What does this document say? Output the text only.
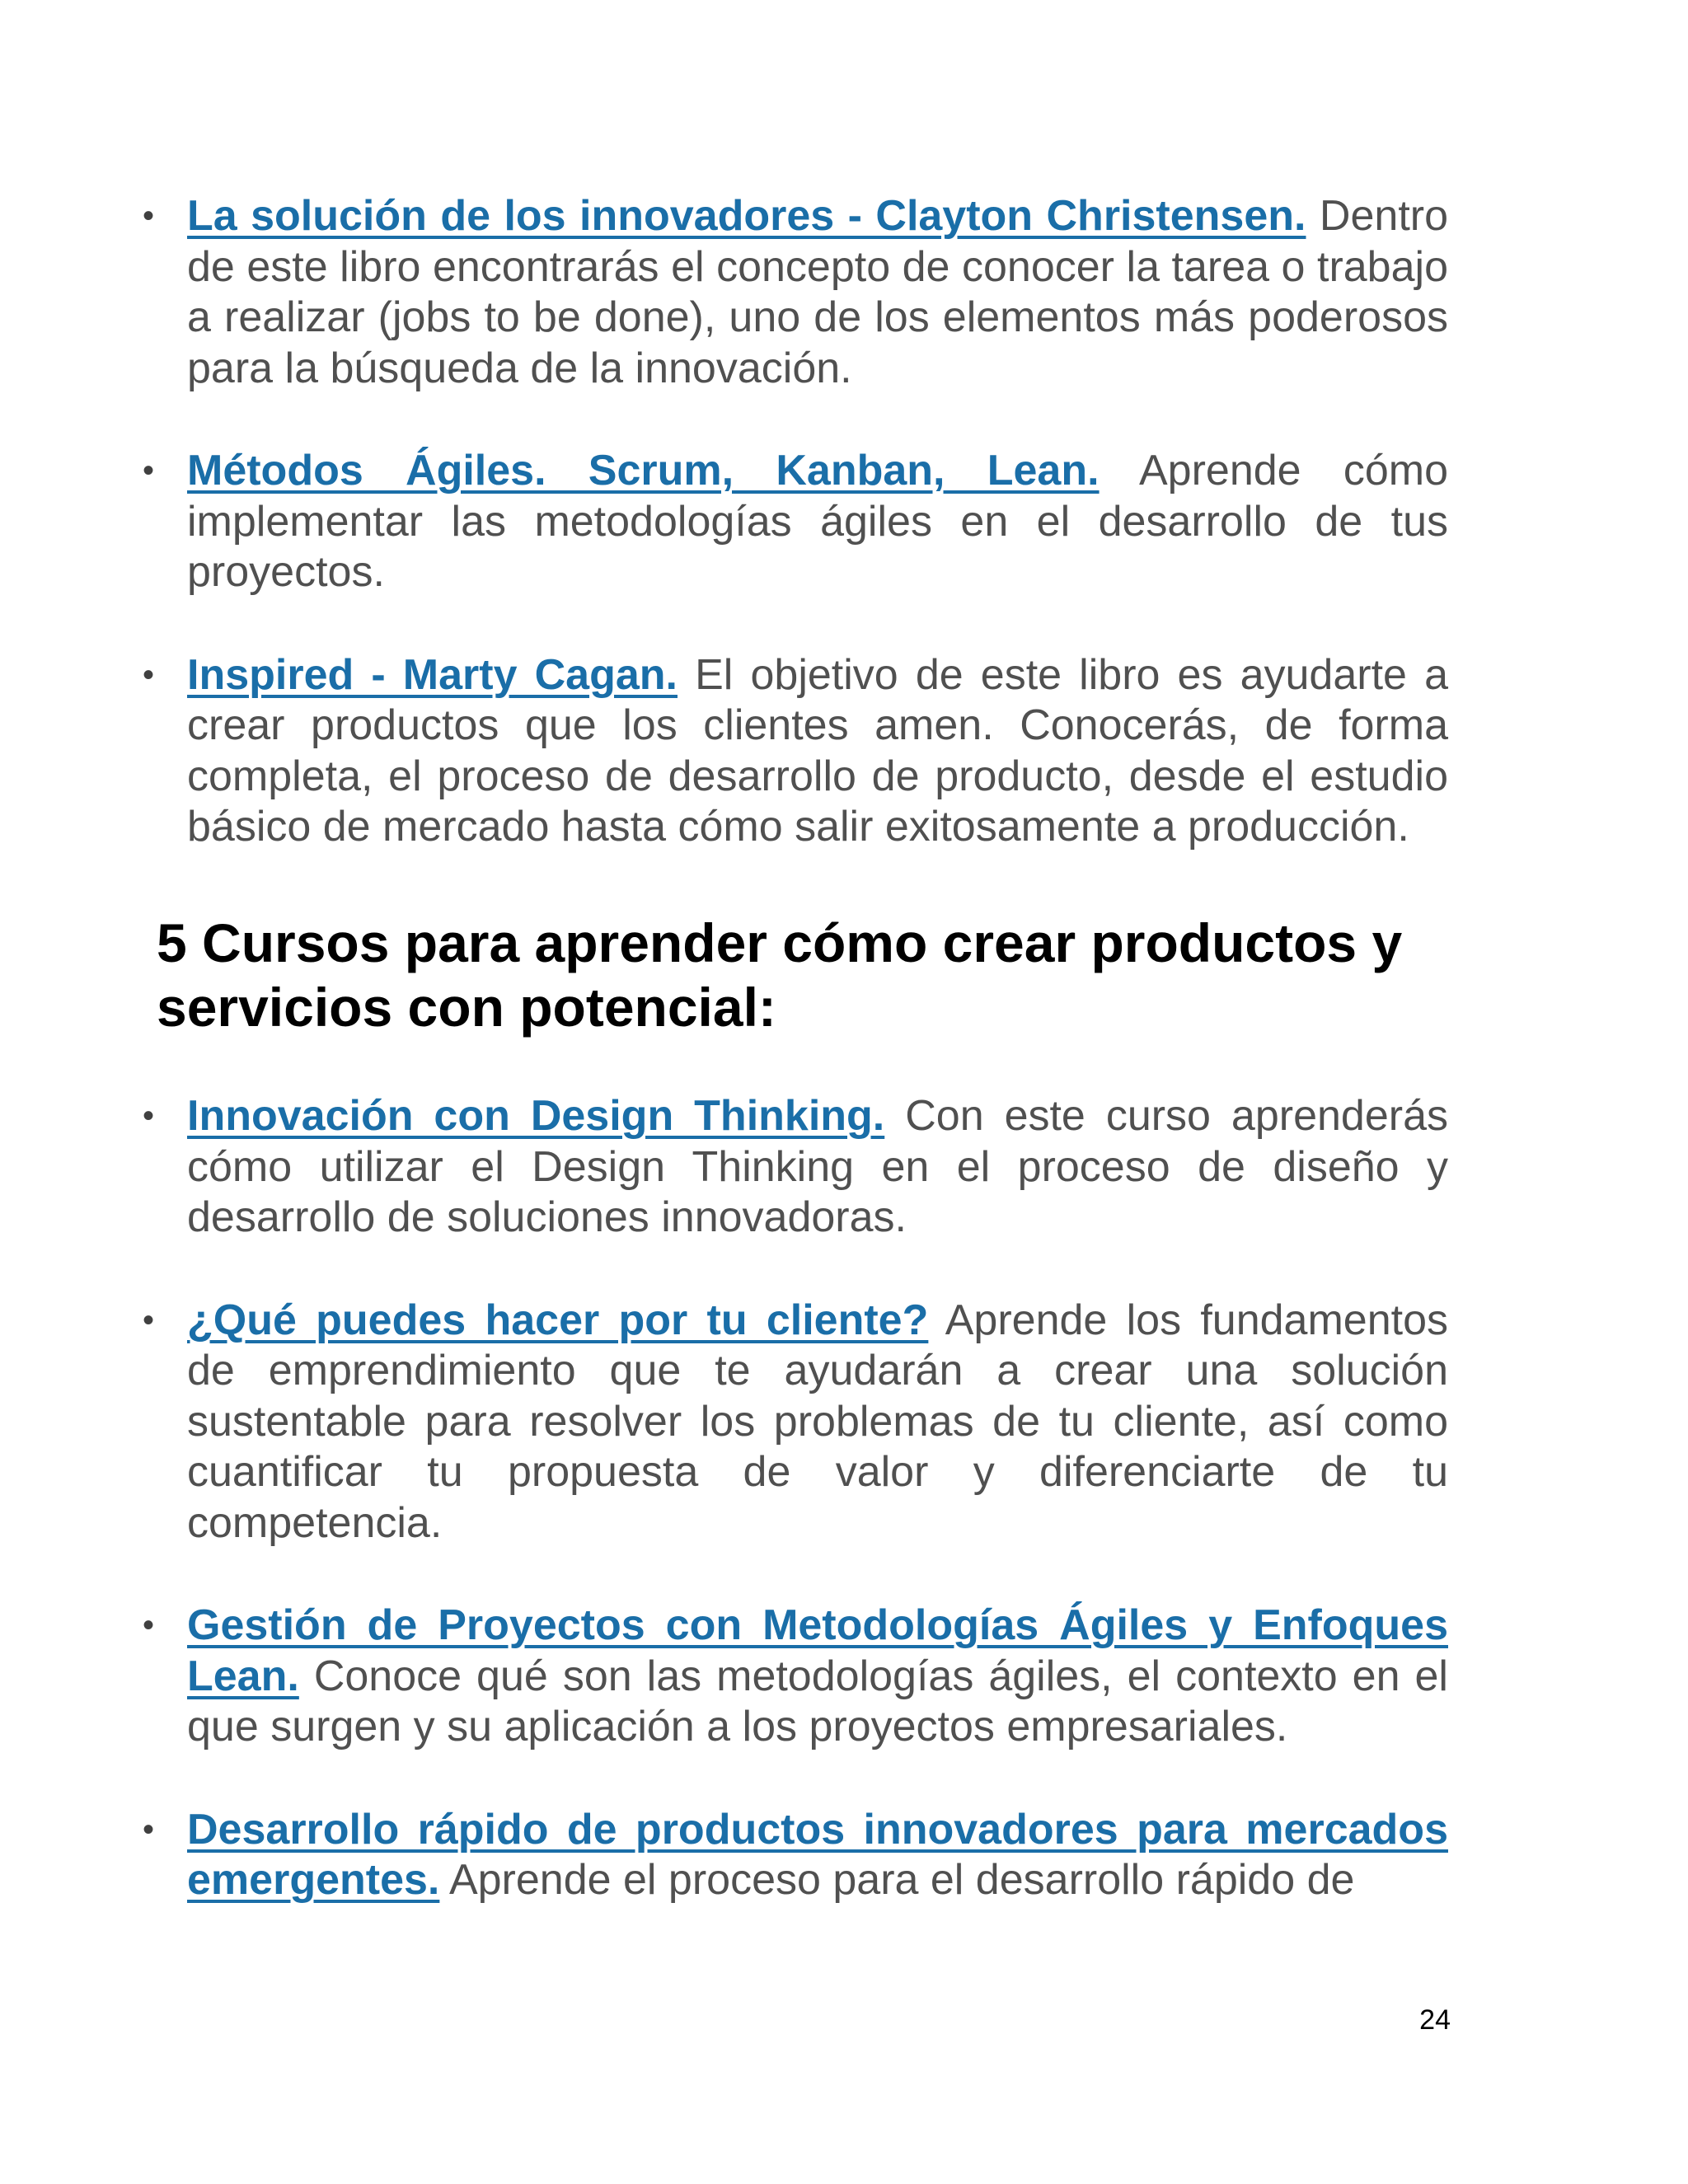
• La solución de los innovadores - Clayton Christensen. Dentro de este libro encontrarás el concepto de conocer la tarea o trabajo a realizar (jobs to be done), uno de los elementos más poderosos para la búsqueda de la innovación.
• Métodos Ágiles. Scrum, Kanban, Lean. Aprende cómo implementar las metodologías ágiles en el desarrollo de tus proyectos.
• Inspired - Marty Cagan. El objetivo de este libro es ayudarte a crear productos que los clientes amen. Conocerás, de forma completa, el proceso de desarrollo de producto, desde el estudio básico de mercado hasta cómo salir exitosamente a producción.
5 Cursos para aprender cómo crear productos y servicios con potencial:
• Innovación con Design Thinking. Con este curso aprenderás cómo utilizar el Design Thinking en el proceso de diseño y desarrollo de soluciones innovadoras.
• ¿Qué puedes hacer por tu cliente? Aprende los fundamentos de emprendimiento que te ayudarán a crear una solución sustentable para resolver los problemas de tu cliente, así como cuantificar tu propuesta de valor y diferenciarte de tu competencia.
• Gestión de Proyectos con Metodologías Ágiles y Enfoques Lean. Conoce qué son las metodologías ágiles, el contexto en el que surgen y su aplicación a los proyectos empresariales.
• Desarrollo rápido de productos innovadores para mercados emergentes. Aprende el proceso para el desarrollo rápido de
24
